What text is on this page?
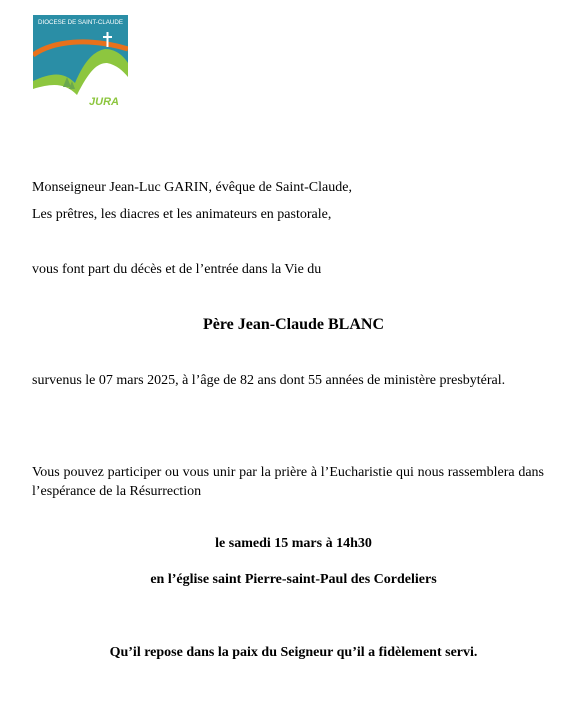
DIOCESE DE SAINT-CLAUDE
JURA
Monseigneur Jean-Luc GARIN, évêque de Saint-Claude,
Les prêtres, les diacres et les animateurs en pastorale,
vous font part du décès et de l’entrée dans la Vie du
Père Jean-Claude BLANC
survenus le 07 mars 2025, à l’âge de 82 ans dont 55 années de ministère presbytéral.
Vous pouvez participer ou vous unir par la prière à l’Eucharistie qui nous rassemblera dans l’espérance de la Résurrection
le samedi 15 mars à 14h30
en l’église saint Pierre-saint-Paul des Cordeliers
Qu’il repose dans la paix du Seigneur qu’il a fidèlement servi.
